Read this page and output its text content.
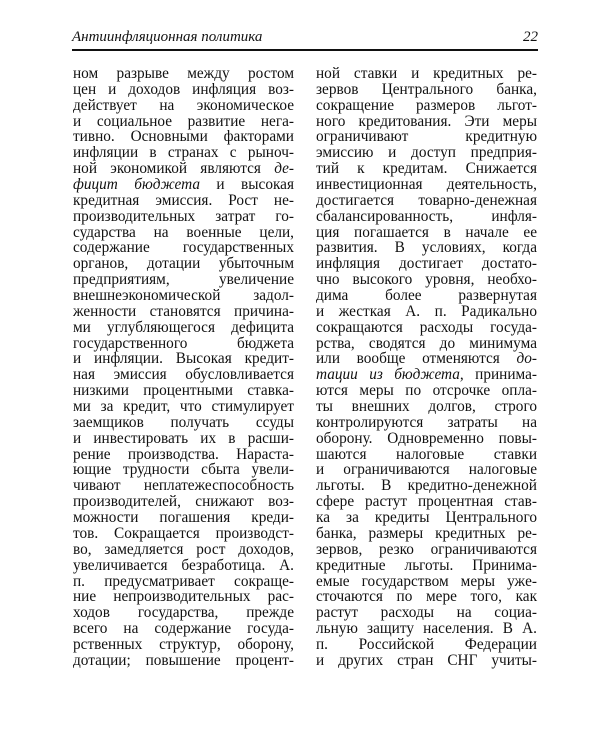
Антиинфляционная политика	22
ном разрыве между ростом
цен и доходов инфляция воз-
действует на экономическое
и социальное развитие нега-
тивно. Основными факторами
инфляции в странах с рыноч-
ной экономикой являются де-
фицит бюджета и высокая
кредитная эмиссия. Рост не-
производительных затрат го-
сударства на военные цели,
содержание государственных
органов, дотации убыточным
предприятиям, увеличение
внешнеэкономической задол-
женности становятся причина-
ми углубляющегося дефицита
государственного бюджета
и инфляции. Высокая кредит-
ная эмиссия обусловливается
низкими процентными ставка-
ми за кредит, что стимулирует
заемщиков получать ссуды
и инвестировать их в расши-
рение производства. Нараста-
ющие трудности сбыта увели-
чивают неплатежеспособность
производителей, снижают воз-
можности погашения креди-
тов. Сокращается производст-
во, замедляется рост доходов,
увеличивается безработица. А.
п. предусматривает сокраще-
ние непроизводительных рас-
ходов государства, прежде
всего на содержание госуда-
рственных структур, оборону,
дотации; повышение процент-
ной ставки и кредитных ре-
зервов Центрального банка,
сокращение размеров льгот-
ного кредитования. Эти меры
ограничивают кредитную
эмиссию и доступ предприя-
тий к кредитам. Снижается
инвестиционная деятельность,
достигается товарно-денежная
сбалансированность, инфля-
ция погашается в начале ее
развития. В условиях, когда
инфляция достигает достато-
чно высокого уровня, необхо-
дима более развернутая
и жесткая А. п. Радикально
сокращаются расходы госуда-
рства, сводятся до минимума
или вообще отменяются до-
тации из бюджета, принима-
ются меры по отсрочке опла-
ты внешних долгов, строго
контролируются затраты на
оборону. Одновременно повы-
шаются налоговые ставки
и ограничиваются налоговые
льготы. В кредитно-денежной
сфере растут процентная став-
ка за кредиты Центрального
банка, размеры кредитных ре-
зервов, резко ограничиваются
кредитные льготы. Принима-
емые государством меры ужe-
сточаются по мере того, как
растут расходы на социа-
льную защиту населения. В А.
п. Российской Федерации
и других стран СНГ учиты-
